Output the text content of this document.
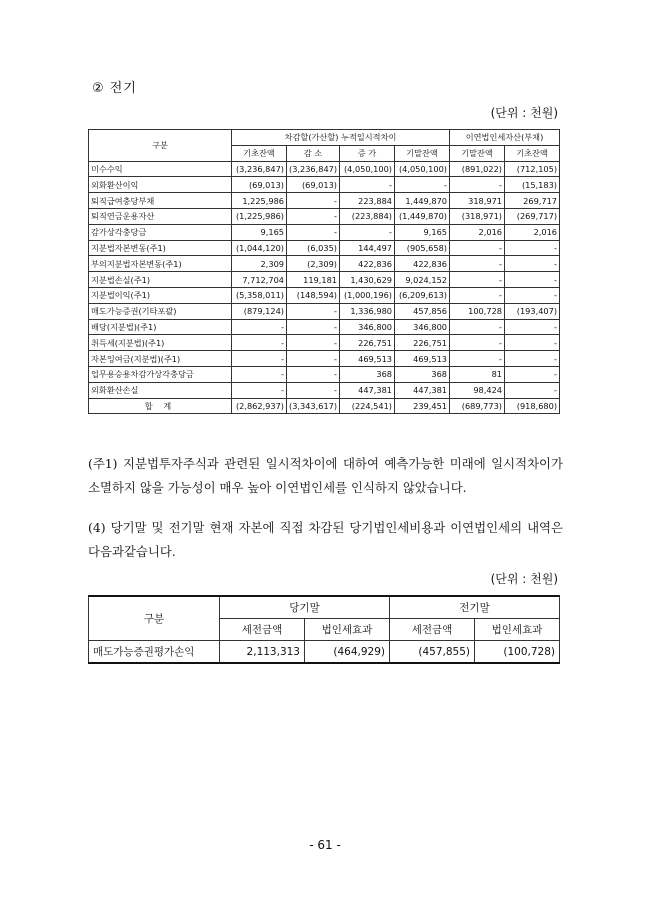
② 전기
(단위 : 천원)
구분	차감할(가산할) 누적일시적차이				이연법인세자산(부채)	
	기초잔액	감 소	증 가	기말잔액	기말잔액	기초잔액
미수수익	(3,236,847)	(3,236,847)	(4,050,100)	(4,050,100)	(891,022)	(712,105)
외화환산이익	(69,013)	(69,013)	-	-	-	(15,183)
퇴직급여충당부채	1,225,986	-	223,884	1,449,870	318,971	269,717
퇴직연금운용자산	(1,225,986)	-	(223,884)	(1,449,870)	(318,971)	(269,717)
감가상각충당금	9,165	-	-	9,165	2,016	2,016
지분법자본변동(주1)	(1,044,120)	(6,035)	144,497	(905,658)	-	-
부의지분법자본변동(주1)	2,309	(2,309)	422,836	422,836	-	-
지분법손실(주1)	7,712,704	119,181	1,430,629	9,024,152	-	-
지분법이익(주1)	(5,358,011)	(148,594)	(1,000,196)	(6,209,613)	-	-
매도가능증권(기타포괄)	(879,124)	-	1,336,980	457,856	100,728	(193,407)
배당(지분법)(주1)	-	-	346,800	346,800	-	-
취득세(지분법)(주1)	-	-	226,751	226,751	-	-
자본잉여금(지분법)(주1)	-	-	469,513	469,513	-	-
업무용승용차감가상각충당금	-	-	368	368	81	-
외화환산손실	-	-	447,381	447,381	98,424	-
합 계	(2,862,937)	(3,343,617)	(224,541)	239,451	(689,773)	(918,680)
(주1) 지분법투자주식과 관련된 일시적차이에 대하여 예측가능한 미래에 일시적차이가 소멸하지 않을 가능성이 매우 높아 이연법인세를 인식하지 않았습니다.
(4) 당기말 및 전기말 현재 자본에 직접 차감된 당기법인세비용과 이연법인세의 내역은 다음과같습니다.
(단위 : 천원)
구분	당기말		전기말	
	세전금액	법인세효과	세전금액	법인세효과
매도가능증권평가손익	2,113,313	(464,929)	(457,855)	(100,728)
- 61 -
